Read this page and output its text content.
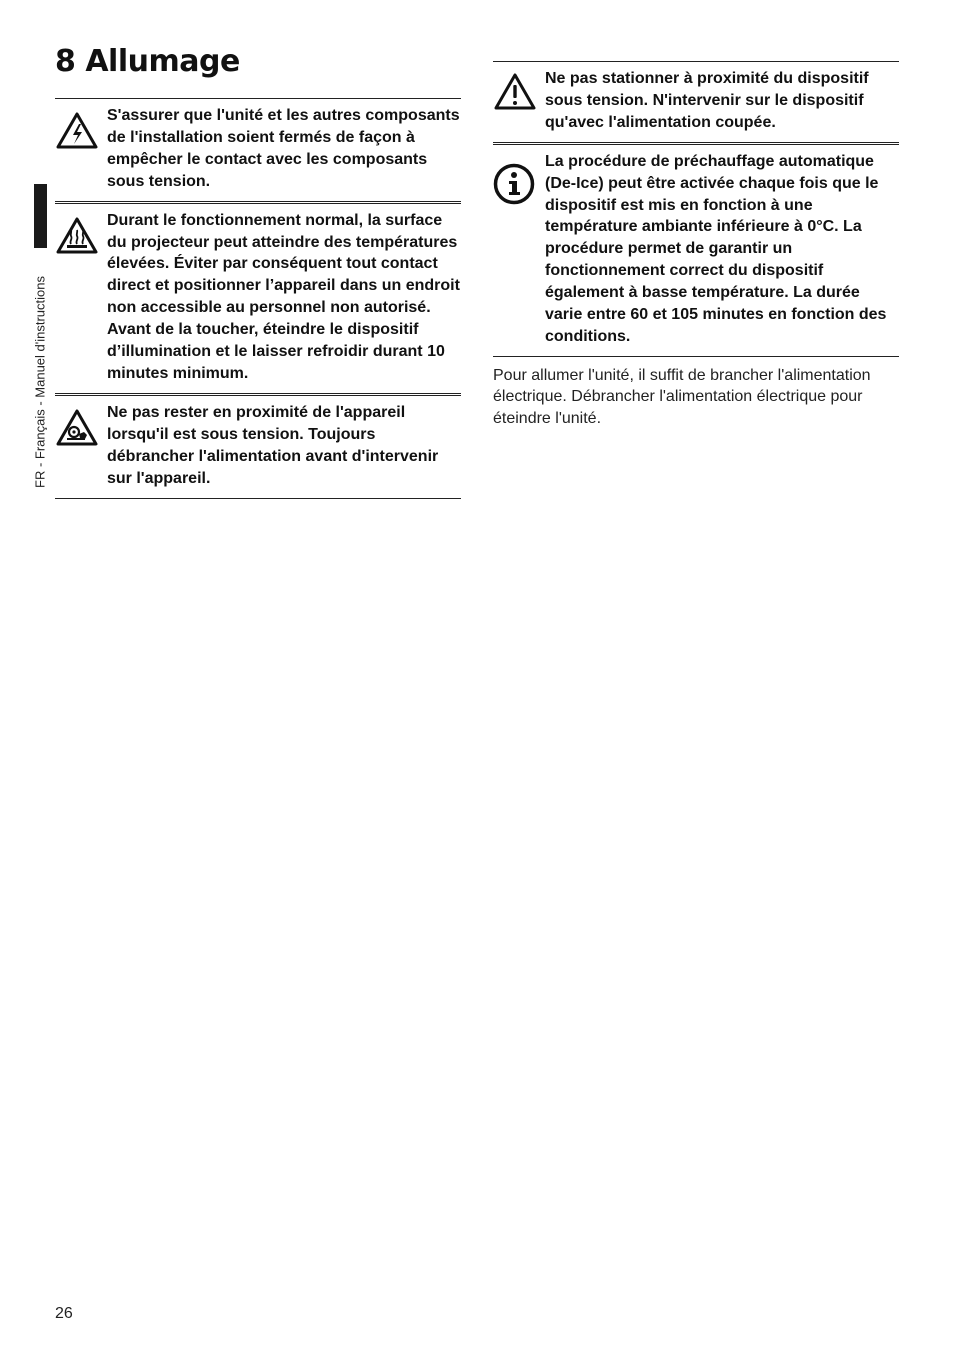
FR - Français - Manuel d'instructions
8 Allumage
S'assurer que l'unité et les autres composants de l'installation soient fermés de façon à empêcher le contact avec les composants sous tension.
Durant le fonctionnement normal, la surface du projecteur peut atteindre des températures élevées. Éviter par conséquent tout contact direct et positionner l’appareil dans un endroit non accessible au personnel non autorisé. Avant de la toucher, éteindre le dispositif d’illumination et le laisser refroidir durant 10 minutes minimum.
Ne pas rester en proximité de l'appareil lorsqu'il est sous tension. Toujours débrancher l'alimentation avant d'intervenir sur l'appareil.
Ne pas stationner à proximité du dispositif sous tension. N'intervenir sur le dispositif qu'avec l'alimentation coupée.
La procédure de préchauffage automatique (De-Ice) peut être activée chaque fois que le dispositif est mis en fonction à une température ambiante inférieure à 0°C. La procédure permet de garantir un fonctionnement correct du dispositif également à basse température. La durée varie entre 60 et 105 minutes en fonction des conditions.
Pour allumer l'unité, il suffit de brancher l'alimentation électrique. Débrancher l'alimentation électrique pour éteindre l'unité.
26
